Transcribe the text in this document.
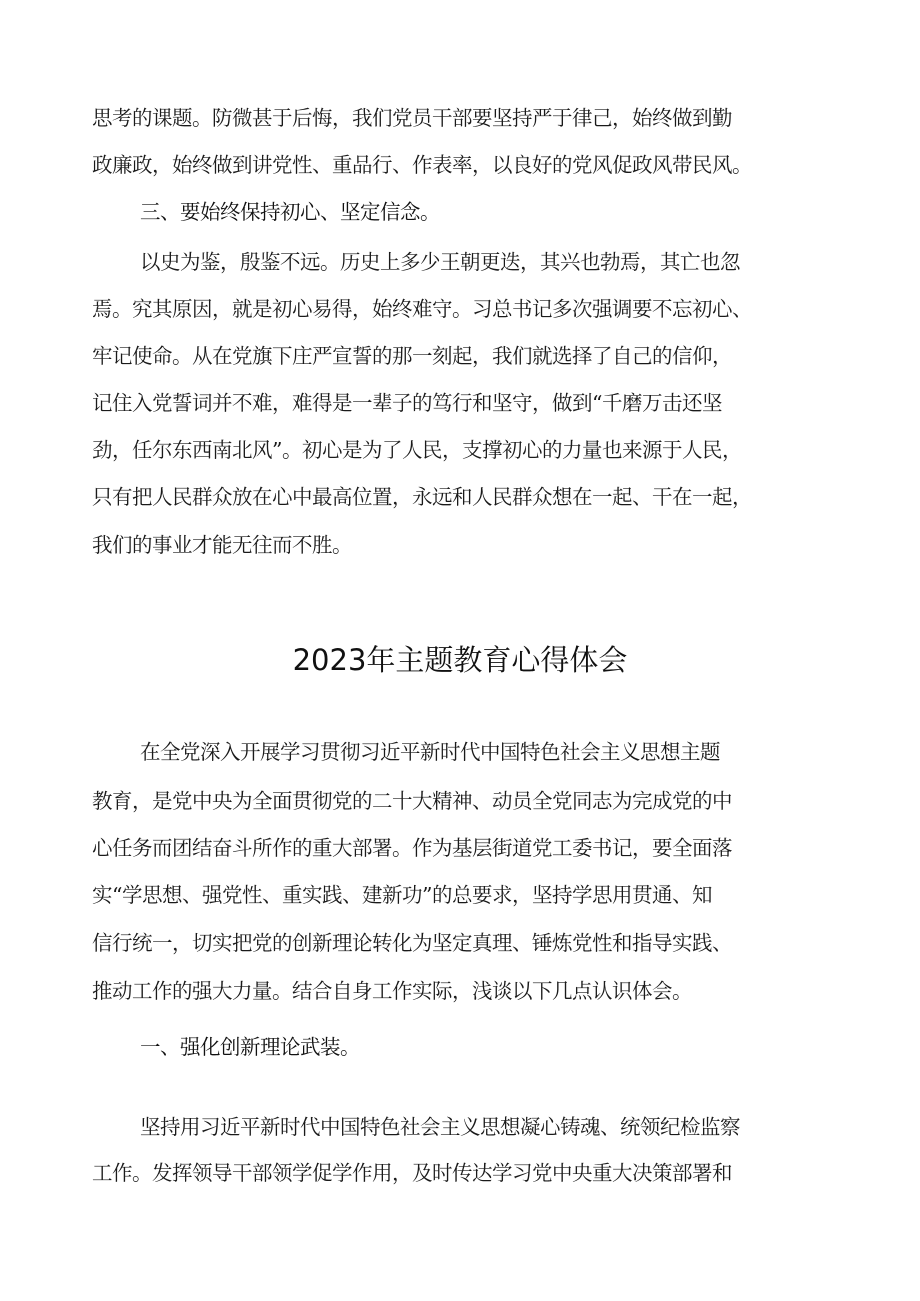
思考的课题。防微甚于后悔，我们党员干部要坚持严于律己，始终做到勤
政廉政，始终做到讲党性、重品行、作表率，以良好的党风促政风带民风。
三、要始终保持初心、坚定信念。
以史为鉴，殷鉴不远。历史上多少王朝更迭，其兴也勃焉，其亡也忽
焉。究其原因，就是初心易得，始终难守。习总书记多次强调要不忘初心、
牢记使命。从在党旗下庄严宣誓的那一刻起，我们就选择了自己的信仰，
记住入党誓词并不难，难得是一辈子的笃行和坚守，做到“千磨万击还坚
劲，任尔东西南北风”。初心是为了人民，支撑初心的力量也来源于人民，
只有把人民群众放在心中最高位置，永远和人民群众想在一起、干在一起，
我们的事业才能无往而不胜。
2023年主题教育心得体会
在全党深入开展学习贯彻习近平新时代中国特色社会主义思想主题
教育，是党中央为全面贯彻党的二十大精神、动员全党同志为完成党的中
心任务而团结奋斗所作的重大部署。作为基层街道党工委书记，要全面落
实“学思想、强党性、重实践、建新功”的总要求，坚持学思用贯通、知
信行统一，切实把党的创新理论转化为坚定真理、锤炼党性和指导实践、
推动工作的强大力量。结合自身工作实际，浅谈以下几点认识体会。
一、强化创新理论武装。
坚持用习近平新时代中国特色社会主义思想凝心铸魂、统领纪检监察
工作。发挥领导干部领学促学作用，及时传达学习党中央重大决策部署和
